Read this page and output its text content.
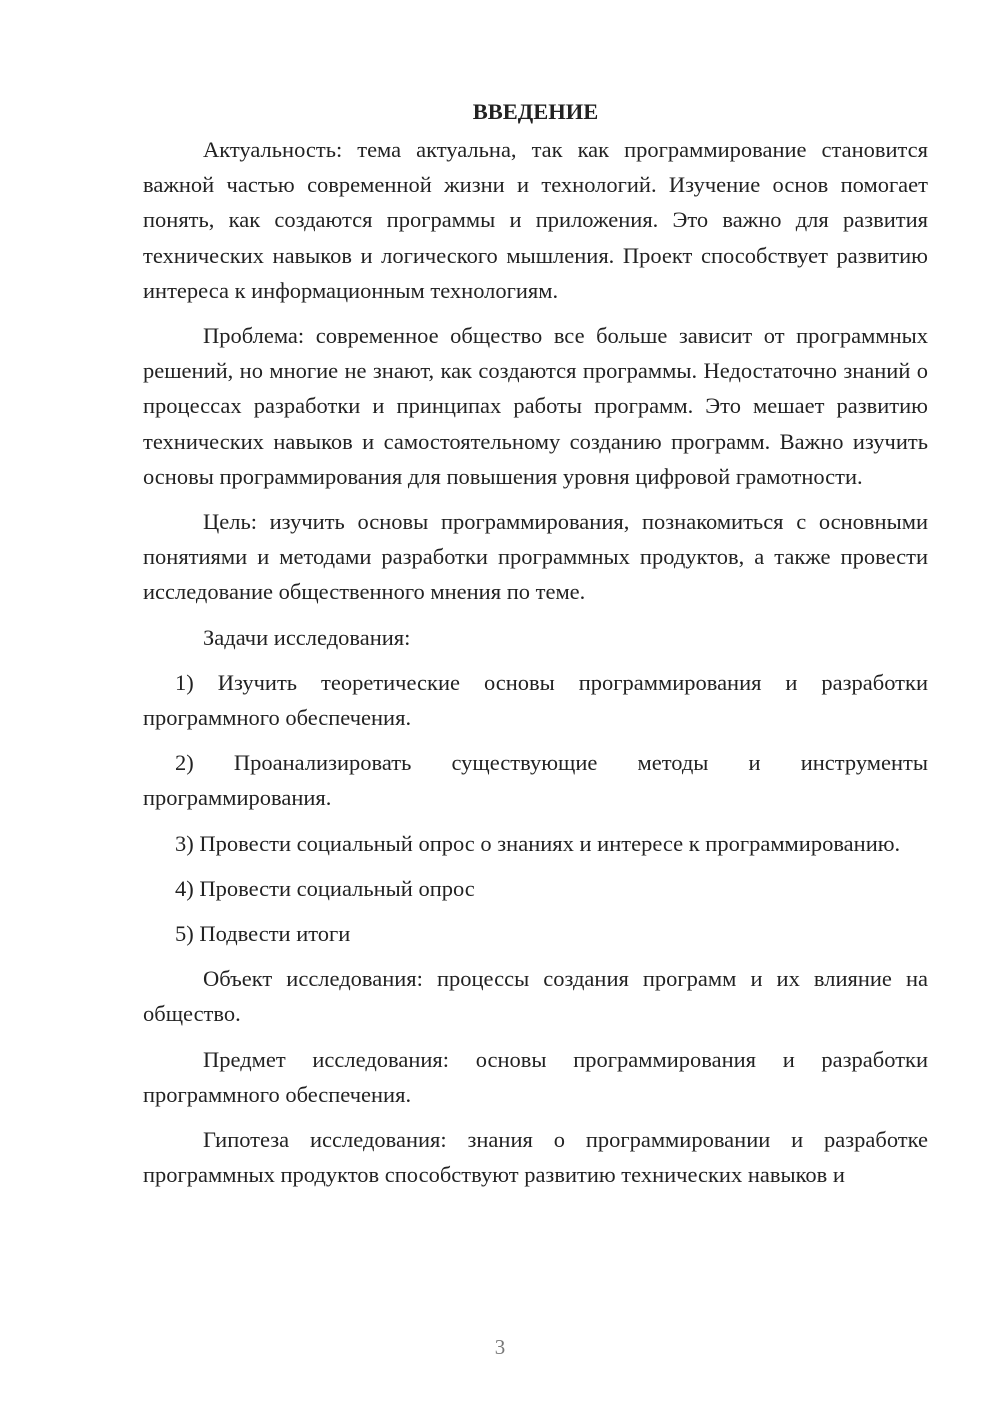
ВВЕДЕНИЕ

Актуальность: тема актуальна, так как программирование становится важной частью современной жизни и технологий. Изучение основ помогает понять, как создаются программы и приложения. Это важно для развития технических навыков и логического мышления. Проект способствует развитию интереса к информационным технологиям.

Проблема: современное общество все больше зависит от программных решений, но многие не знают, как создаются программы. Недостаточно знаний о процессах разработки и принципах работы программ. Это мешает развитию технических навыков и самостоятельному созданию программ. Важно изучить основы программирования для повышения уровня цифровой грамотности.

Цель: изучить основы программирования, познакомиться с основными понятиями и методами разработки программных продуктов, а также провести исследование общественного мнения по теме.

Задачи исследования:

1) Изучить теоретические основы программирования и разработки программного обеспечения.

2) Проанализировать существующие методы и инструменты программирования.

3) Провести социальный опрос о знаниях и интересе к программированию.

4) Провести социальный опрос

5) Подвести итоги

Объект исследования: процессы создания программ и их влияние на общество.

Предмет исследования: основы программирования и разработки программного обеспечения.

Гипотеза исследования: знания о программировании и разработке программных продуктов способствуют развитию технических навыков и

3
